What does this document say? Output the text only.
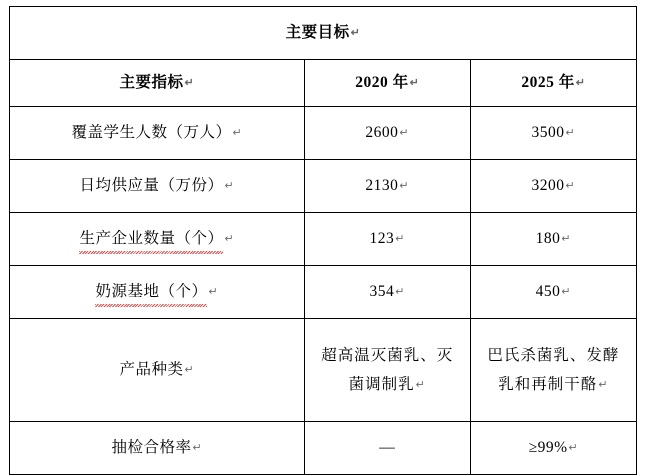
主要目标↵		
主要指标↵	2020 年↵	2025 年↵
覆盖学生人数（万人）↵	2600↵	3500↵
日均供应量（万份）↵	2130↵	3200↵
生产企业数量（个）↵	123↵	180↵
奶源基地（个）↵	354↵	450↵
产品种类↵	超高温灭菌乳、灭菌调制乳↵	巴氏杀菌乳、发酵乳和再制干酪↵
抽检合格率↵	—	≥99%↵
